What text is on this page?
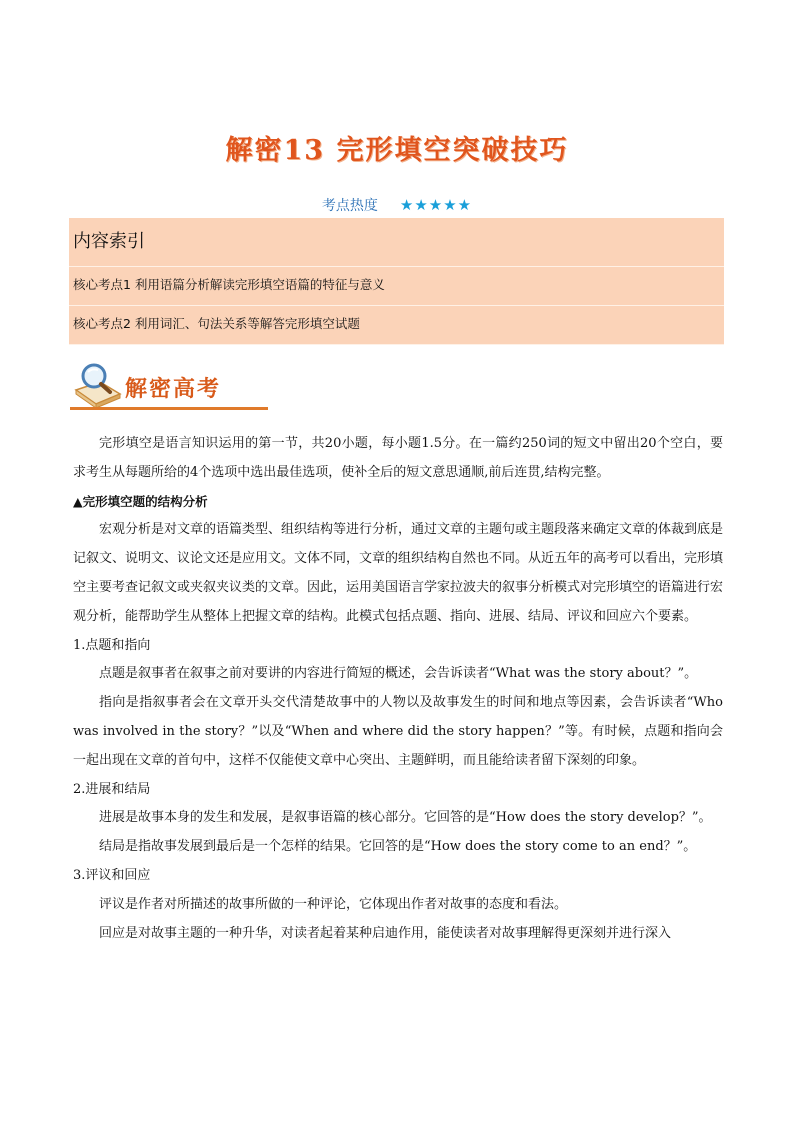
解密13 完形填空突破技巧
考点热度 ★★★★★
内容索引
核心考点1 利用语篇分析解读完形填空语篇的特征与意义
核心考点2 利用词汇、句法关系等解答完形填空试题
解密高考

完形填空是语言知识运用的第一节，共20小题，每小题1.5分。在一篇约250词的短文中留出20个空白，要求考生从每题所给的4个选项中选出最佳选项，使补全后的短文意思通顺,前后连贯,结构完整。

▲完形填空题的结构分析

宏观分析是对文章的语篇类型、组织结构等进行分析，通过文章的主题句或主题段落来确定文章的体裁到底是记叙文、说明文、议论文还是应用文。文体不同，文章的组织结构自然也不同。从近五年的高考可以看出，完形填空主要考查记叙文或夹叙夹议类的文章。因此，运用美国语言学家拉波夫的叙事分析模式对完形填空的语篇进行宏观分析，能帮助学生从整体上把握文章的结构。此模式包括点题、指向、进展、结局、评议和回应六个要素。

1.点题和指向

点题是叙事者在叙事之前对要讲的内容进行简短的概述，会告诉读者“What was the story about？”。

指向是指叙事者会在文章开头交代清楚故事中的人物以及故事发生的时间和地点等因素，会告诉读者“Who was involved in the story？”以及“When and where did the story happen？”等。有时候，点题和指向会一起出现在文章的首句中，这样不仅能使文章中心突出、主题鲜明，而且能给读者留下深刻的印象。

2.进展和结局

进展是故事本身的发生和发展，是叙事语篇的核心部分。它回答的是“How does the story develop？”。

结局是指故事发展到最后是一个怎样的结果。它回答的是“How does the story come to an end？”。

3.评议和回应

评议是作者对所描述的故事所做的一种评论，它体现出作者对故事的态度和看法。

回应是对故事主题的一种升华，对读者起着某种启迪作用，能使读者对故事理解得更深刻并进行深入
